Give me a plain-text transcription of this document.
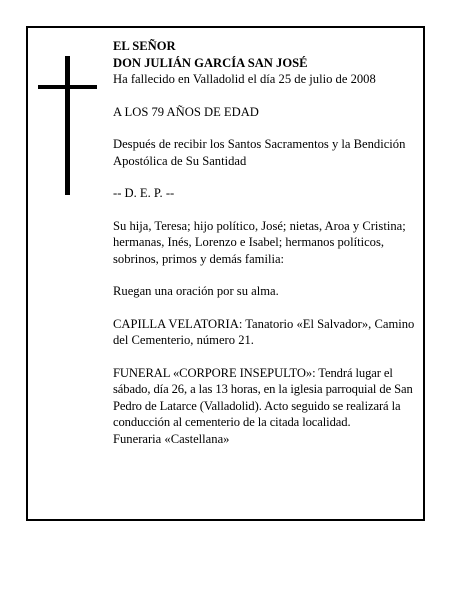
EL SEÑOR

DON JULIÁN GARCÍA SAN JOSÉ

Ha fallecido en Valladolid el día 25 de julio de 2008

A LOS 79 AÑOS DE EDAD

Después de recibir los Santos Sacramentos y la Bendición Apostólica de Su Santidad

-- D. E. P. --

Su hija, Teresa; hijo político, José; nietas, Aroa y Cristina; hermanas, Inés, Lorenzo e Isabel; hermanos políticos, sobrinos, primos y demás familia:

Ruegan una oración por su alma.

CAPILLA VELATORIA: Tanatorio «El Salvador», Camino del Cementerio, número 21.

FUNERAL «CORPORE INSEPULTO»: Tendrá lugar el sábado, día 26, a las 13 horas, en la iglesia parroquial de San Pedro de Latarce (Valladolid). Acto seguido se realizará la conducción al cementerio de la citada localidad.

Funeraria «Castellana»
